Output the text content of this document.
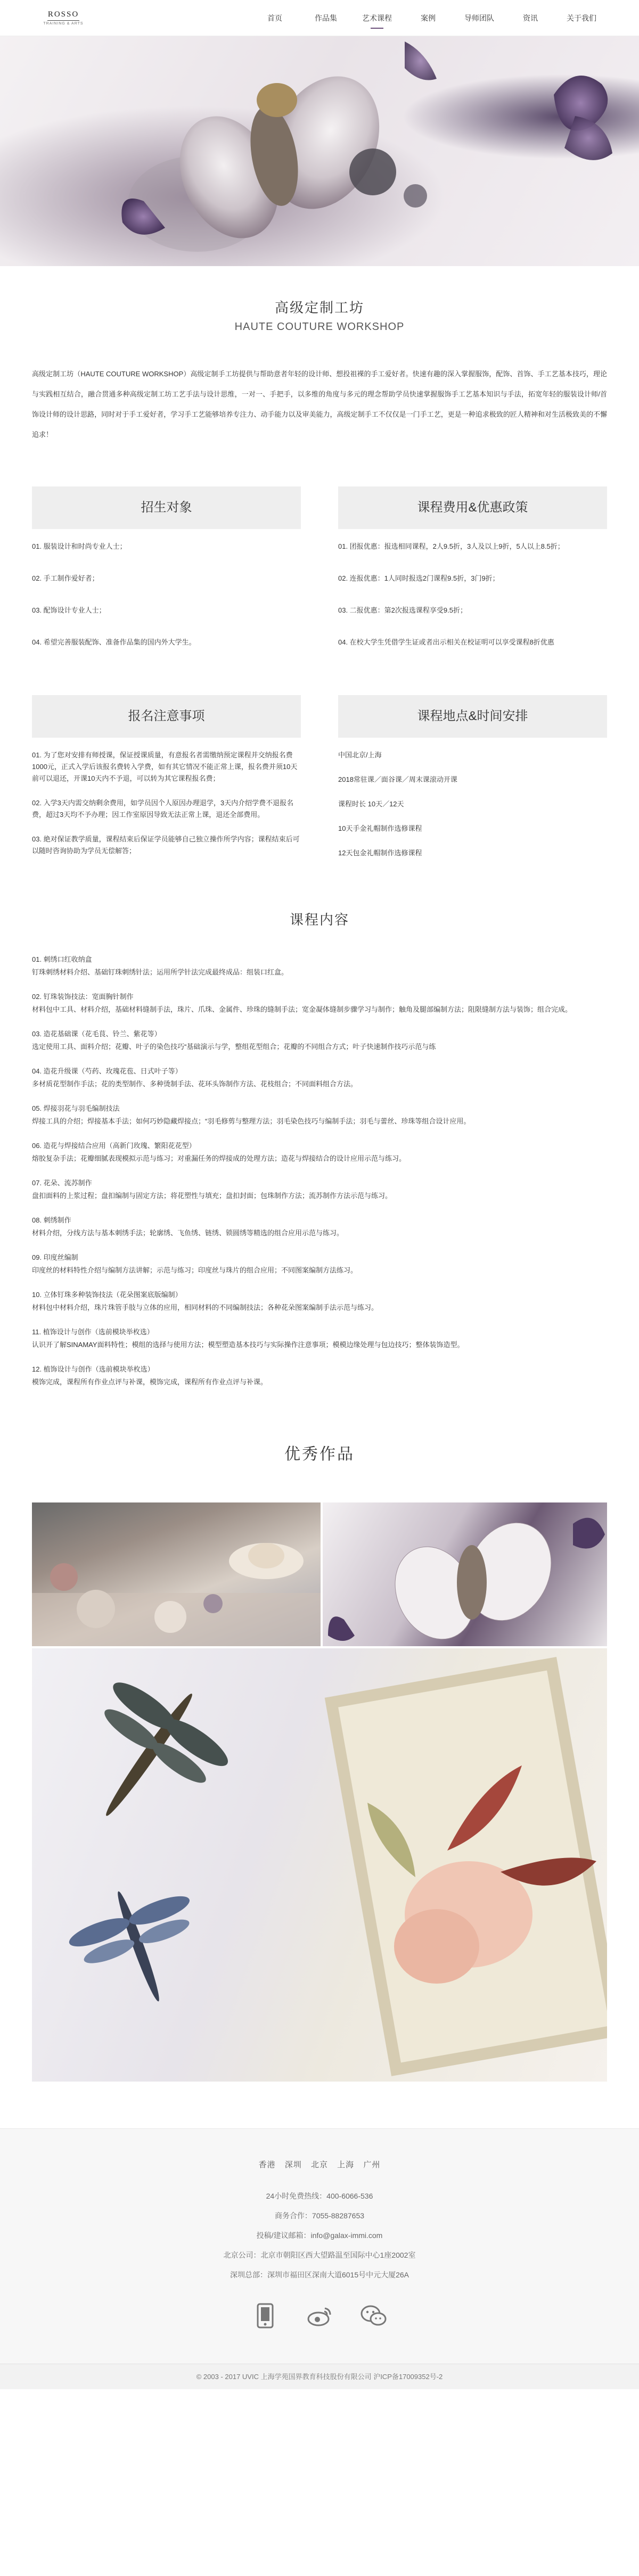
ROSSO
TRAINING & ARTS
首页	作品集	艺术课程	案例	导师团队	资讯	关于我们
高级定制工坊
HAUTE COUTURE WORKSHOP
高级定制工坊（HAUTE COUTURE WORKSHOP）高级定制手工坊提供与帮助意者年轻的设计师、想投祖裸的手工爱好者。快速有趣的深入掌握服饰，配饰、首饰、手工艺基本技巧，理论与实践相互结合，融合贯通多种高级定制工坊工艺手法与设计思维，一对一、手把手，以多维的角度与多元的理念帮助学员快速掌握服饰手工艺基本知识与手法，拓宽年轻的服装设计师/首饰设计师的设计思路，同时对于手工爱好者，学习手工艺能够培养专注力、动手能力以及审美能力，高级定制手工不仅仅是一门手工艺，更是一种追求极致的匠人精神和对生活极致美的不懈追求！
招生对象

01. 服装设计和时尚专业人士；

02. 手工制作爱好者；

03. 配饰设计专业人士；

04. 希望完善服装配饰、准备作品集的国内外大学生。

课程费用&优惠政策

01. 团报优惠：报选相同课程，2人9.5折，3人及以上9折，5人以上8.5折；

02. 连报优惠：1人同时报选2门课程9.5折，3门9折；

03. 二报优惠：第2次报选课程享受9.5折；

04. 在校大学生凭借学生证或者出示相关在校证明可以享受课程8折优惠

报名注意事项

01. 为了您对安排有师授课，保证授课质量，有意报名者需缴纳预定课程并交纳报名费1000元，正式入学后该报名费转入学费，如有其它情况不能正常上课，报名费并须10天前可以退还，开课10天内不予退，可以转为其它课程报名费；

02. 入学3天内需交纳剩余费用，如学员因个人原因办理退学，3天内介绍学费不退报名费，超过3天均不予办理；因工作室原因导致无法正常上课，退还全部费用。

03. 絶对保证教学质量，课程结束后保证学员能够自己独立操作所学内容；课程结束后可以随时咨询协助为学员无偿解答；

课程地点&时间安排

中国北京/上海

2018常驻课／面谷课／周末课滚动开课

课程时长 10天／12天

10天手金礼帽制作选修课程

12天包金礼帽制作选修课程

课程内容
01. 刺绣口红收纳盒
钉珠刺绣材料介绍、基础钉珠刺绣针法；运用所学针法完成最终成品：组装口红盒。
02. 钉珠装饰技法：宽面胸针制作
材料包中工具、材料介绍，基础材料缝制手法，珠片、爪珠、金属件、珍珠的缝制手法；宽金凝体缝制步骤学习与制作；触角及腿部编制方法；阻限缝制方法与装饰；组合完成。
03. 造花基础课（花毛茛、铃兰、紫花等）
选定使用工具、面料介绍；花瓣、叶子的染色技巧“基础演示与学，整组花型组合；花瓣的不同组合方式；叶子快速制作技巧示范与练
04. 造花升级课（芍药、玫瑰花苞、日式叶子等）
多材质花型制作手法；花的类型制作、多种烫制手法、花环头饰制作方法、花枝组合；不同面料组合方法。
05. 焊接羽花与羽毛编制技法
焊接工具的介绍；焊接基本手法；如何巧妙隐藏焊接点；“羽毛修剪与整理方法；羽毛染色技巧与编制手法；羽毛与蕾丝、珍珠等组合设计应用。
06. 造花与焊接结合应用（高新门玫瑰、繁阳花花型）
熔胶复杂手法；花瓣细腻表现模拟示范与练习；对重漏任务的焊接成的处理方法；造花与焊接结合的设计应用示范与练习。
07. 花朵、流苏制作
盘扣面料的上浆过程；盘扣编制与固定方法；将花塑性与填充；盘扣封面；包珠制作方法；流苏制作方法示范与练习。
08. 刺绣制作
材料介绍，分线方法与基本刺绣手法；轮廓绣、飞鱼绣、链绣、锁圆绣等精选的组合应用示范与练习。
09. 印度丝编制
印度丝的材料特性介绍与编制方法讲解；示范与练习；印度丝与珠片的组合应用；不同图案编制方法练习。
10. 立体钉珠多种装饰技法（花朵图案底版编制）
材料包中材料介绍，珠片珠管手肢与立体的应用，相同材料的不同编制技法；各种花朵图案编制手法示范与练习。
11. 植饰设计与创作（选前模块举枚选）
认识开了解SINAMAY面料特性；模组的选择与使用方法；模型塑造基本技巧与实际操作注意事项；模模边缘处理与包边技巧；整体装饰造型。
12. 植饰设计与创作（选前模块举枚选）
模饰完成，课程所有作业点评与补课，模饰完成，课程所有作业点评与补课。
优秀作品
香港 深圳 北京 上海 广州
24小时免费热线：400-6066-536
商务合作：7055-88287653
投稿/建议邮箱：info@galax-immi.com
北京公司：北京市朝阳区西大望路温至国际中心1座2002室
深圳总部：深圳市福田区深南大道6015号中元大厦26A
© 2003 - 2017 UVIC 上海学苑国界教育科技股份有限公司 沪ICP备17009352号-2
